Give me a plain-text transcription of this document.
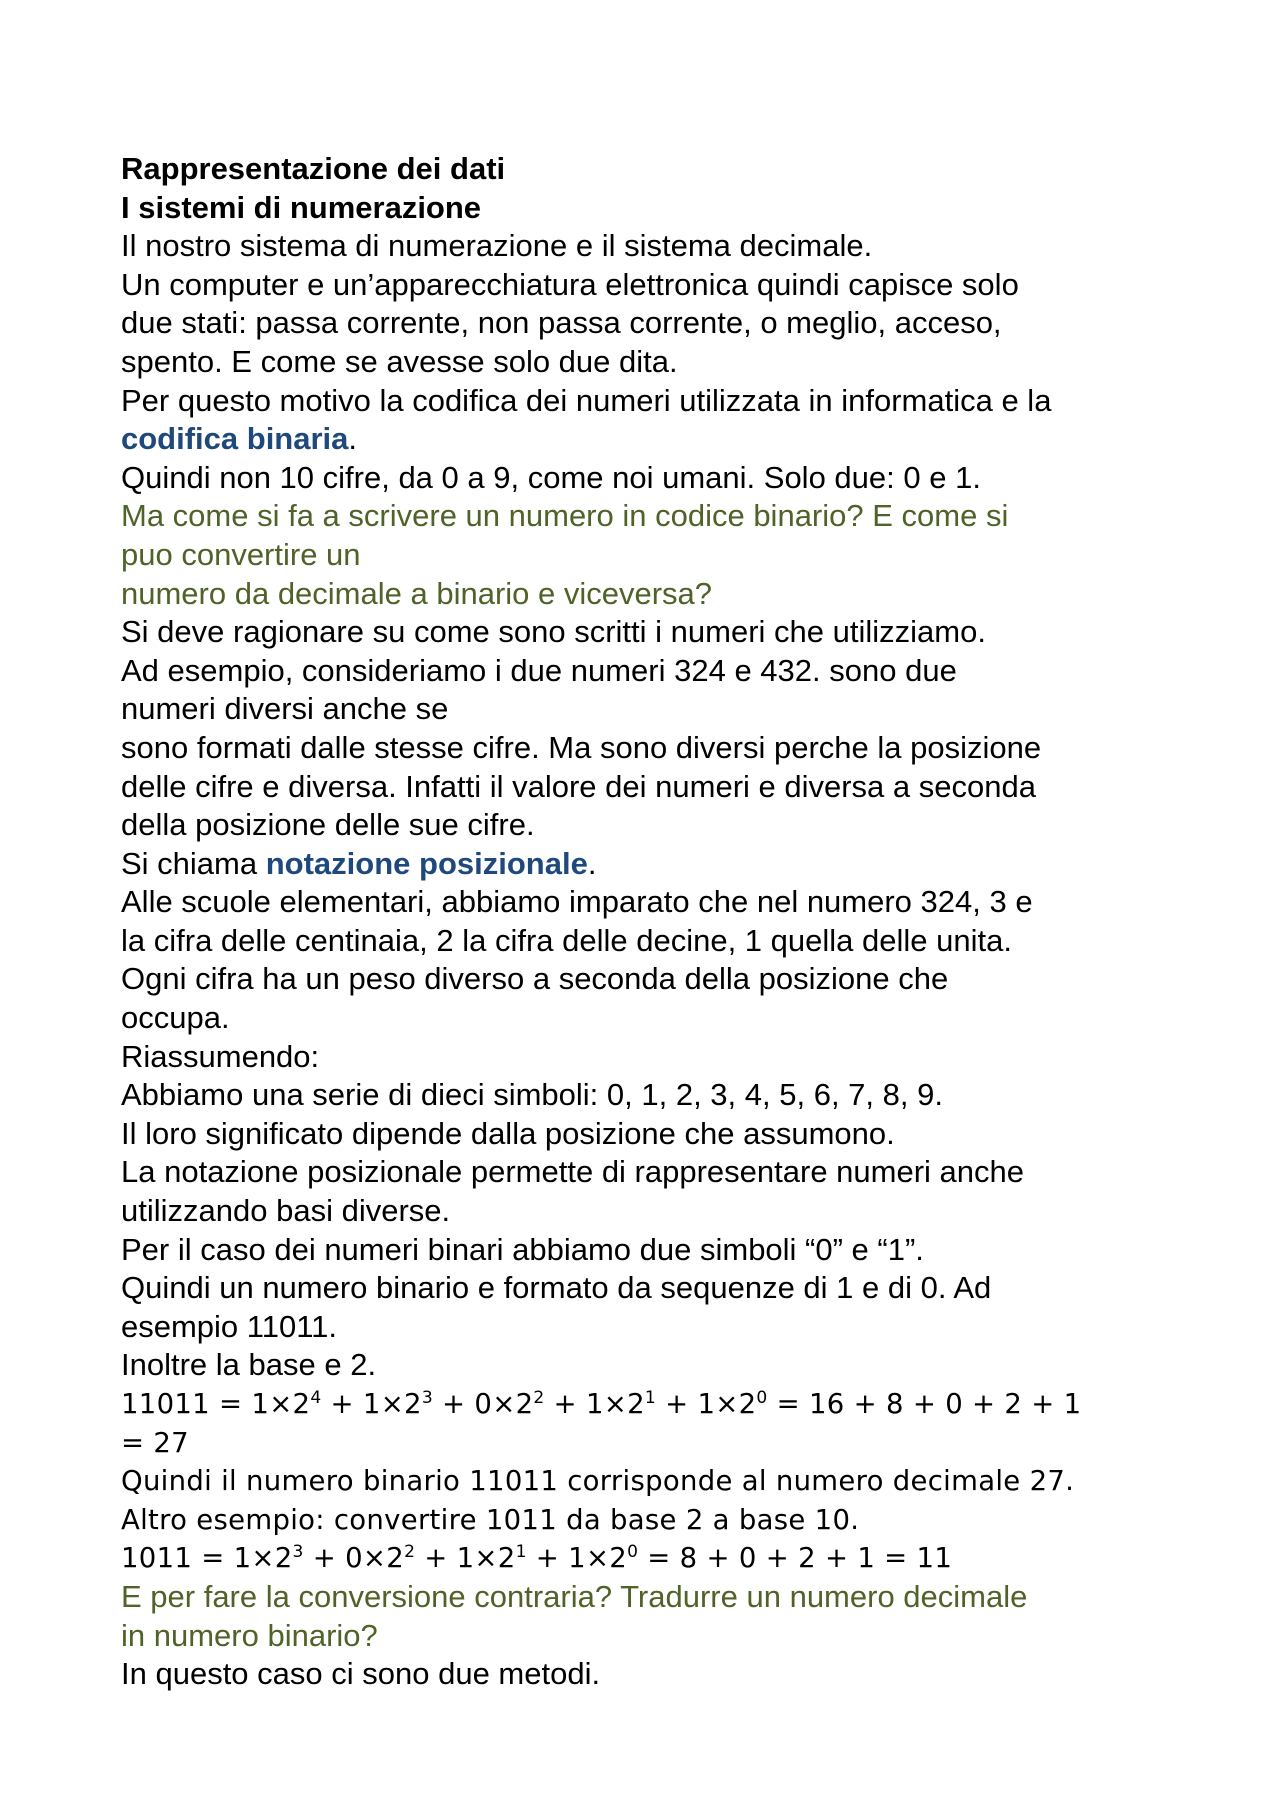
Rappresentazione dei dati
I sistemi di numerazione
Il nostro sistema di numerazione e il sistema decimale.
Un computer e un’apparecchiatura elettronica quindi capisce solo
due stati: passa corrente, non passa corrente, o meglio, acceso,
spento. E come se avesse solo due dita.
Per questo motivo la codifica dei numeri utilizzata in informatica e la
codifica binaria.
Quindi non 10 cifre, da 0 a 9, come noi umani. Solo due: 0 e 1.
Ma come si fa a scrivere un numero in codice binario? E come si
puo convertire un
numero da decimale a binario e viceversa?
Si deve ragionare su come sono scritti i numeri che utilizziamo.
Ad esempio, consideriamo i due numeri 324 e 432. sono due
numeri diversi anche se
sono formati dalle stesse cifre. Ma sono diversi perche la posizione
delle cifre e diversa. Infatti il valore dei numeri e diversa a seconda
della posizione delle sue cifre.
Si chiama notazione posizionale.
Alle scuole elementari, abbiamo imparato che nel numero 324, 3 e
la cifra delle centinaia, 2 la cifra delle decine, 1 quella delle unita.
Ogni cifra ha un peso diverso a seconda della posizione che
occupa.
Riassumendo:
Abbiamo una serie di dieci simboli: 0, 1, 2, 3, 4, 5, 6, 7, 8, 9.
Il loro significato dipende dalla posizione che assumono.
La notazione posizionale permette di rappresentare numeri anche
utilizzando basi diverse.
Per il caso dei numeri binari abbiamo due simboli “0” e “1”.
Quindi un numero binario e formato da sequenze di 1 e di 0. Ad
esempio 11011.
Inoltre la base e 2.
$11011 = 1\times 2^4 + 1\times 2^3 + 0\times 2^2 + 1\times 2^1 + 1\times 2^0 = 16 + 8 + 0 + 2 + 1$
= 27
Quindi il numero binario 11011 corrisponde al numero decimale 27.
Altro esempio: convertire 1011 da base 2 a base 10.
$1011 = 1\times 2^3 + 0\times 2^2 + 1\times 2^1 + 1\times 2^0 = 8 + 0 + 2 + 1 = 11$
E per fare la conversione contraria? Tradurre un numero decimale
in numero binario?
In questo caso ci sono due metodi.
